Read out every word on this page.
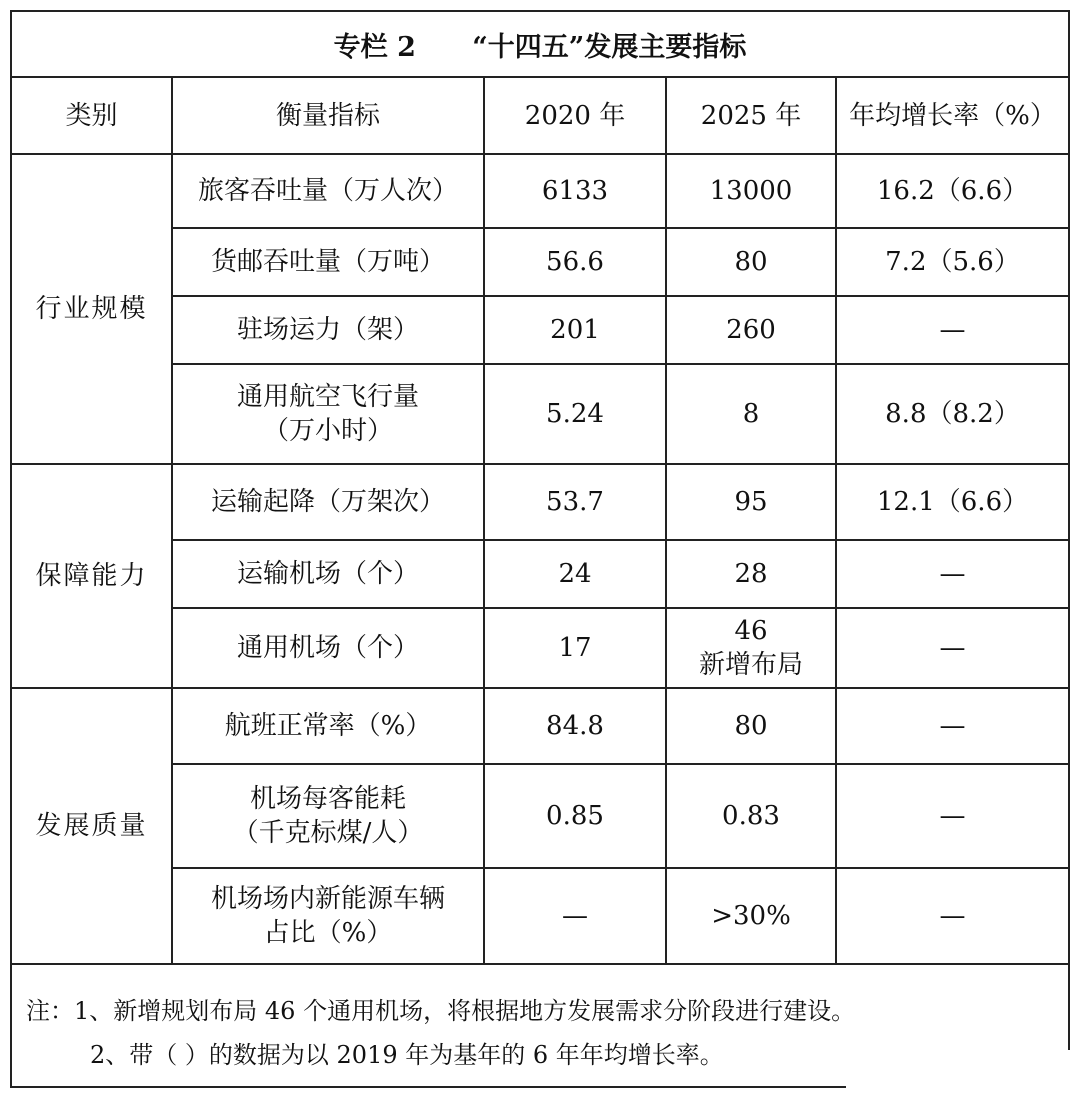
专栏 2      “十四五”发展主要指标
类别	衡量指标	2020 年	2025 年	年均增长率（%）
行业规模	旅客吞吐量（万人次）	6133	13000	16.2（6.6）

	货邮吞吐量（万吨）	56.6	80	7.2（5.6）

	驻场运力（架）	201	260	—

	通用航空飞行量
（万小时）	5.24	8	8.8（8.2）
保障能力	运输起降（万架次）	53.7	95	12.1（6.6）

	运输机场（个）	24	28	—

	通用机场（个）	17	46
新增布局	—
发展质量	航班正常率（%）	84.8	80	—

	机场每客能耗
（千克标煤/人）	0.85	0.83	—

	机场场内新能源车辆
占比（%）	—	>30%	—
注：1、新增规划布局 46 个通用机场，将根据地方发展需求分阶段进行建设。
2、带（ ）的数据为以 2019 年为基年的 6 年年均增长率。
